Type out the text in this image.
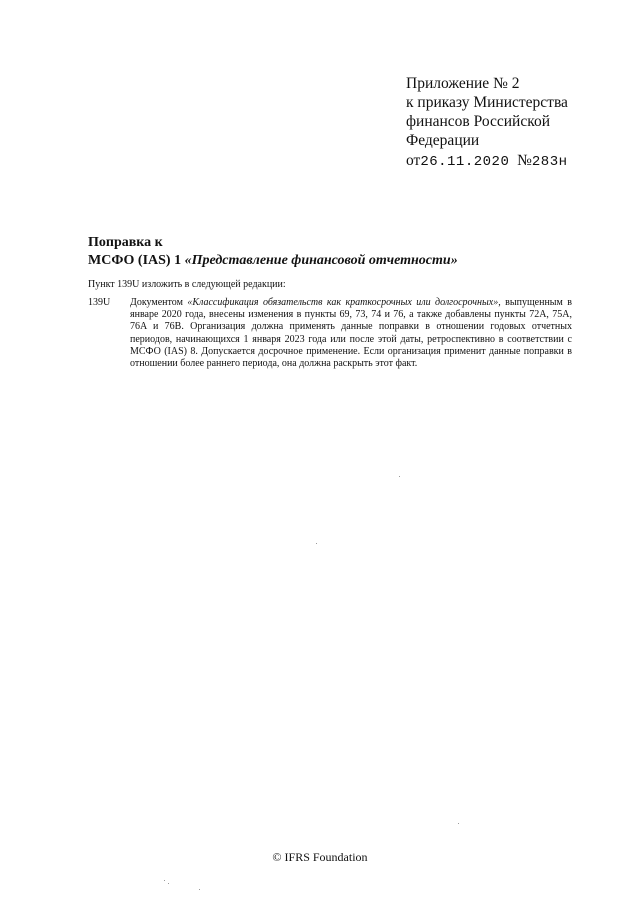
Приложение № 2
к приказу Министерства
финансов Российской
Федерации
от26.11.2020 №283н
Поправка к
МСФО (IAS) 1 «Представление финансовой отчетности»
Пункт 139U изложить в следующей редакции:
139U Документом «Классификация обязательств как краткосрочных или долгосрочных», выпущенным в январе 2020 года, внесены изменения в пункты 69, 73, 74 и 76, а также добавлены пункты 72A, 75A, 76A и 76B. Организация должна применять данные поправки в отношении годовых отчетных периодов, начинающихся 1 января 2023 года или после этой даты, ретроспективно в соответствии с МСФО (IAS) 8. Допускается досрочное применение. Если организация применит данные поправки в отношении более раннего периода, она должна раскрыть этот факт.
© IFRS Foundation
